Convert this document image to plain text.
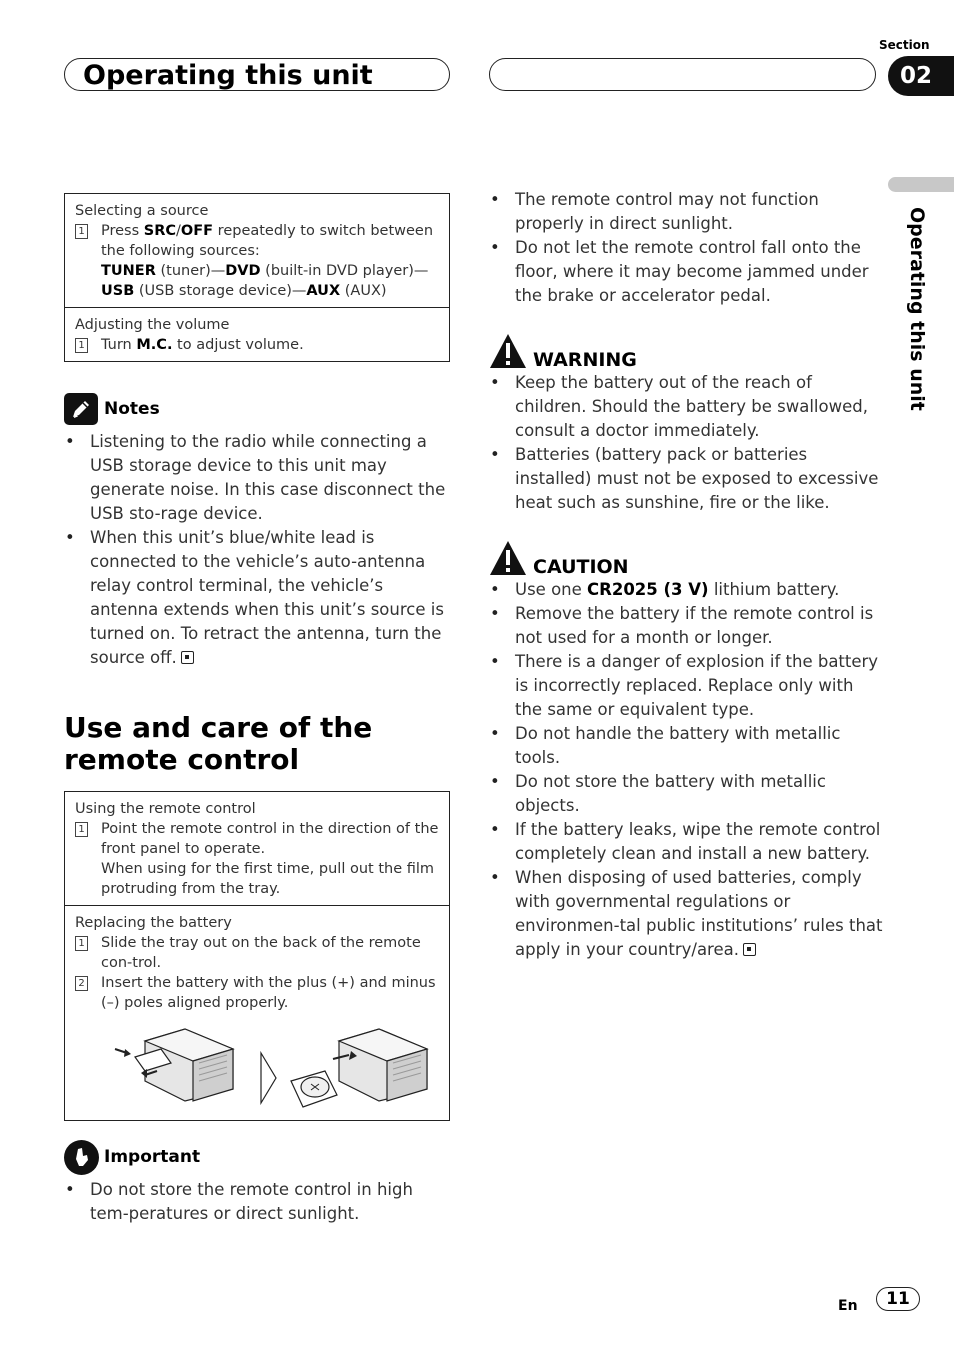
Operating this unit
Section
02
Operating this unit
Selecting a source
1 Press SRC/OFF repeatedly to switch between the following sources:

TUNER (tuner)—DVD (built-in DVD player)—USB (USB storage device)—AUX (AUX)

Adjusting the volume
1 Turn M.C. to adjust volume.

Notes
• Listening to the radio while connecting a USB storage device to this unit may generate noise. In this case disconnect the USB sto-rage device.
• When this unit’s blue/white lead is connected to the vehicle’s auto-antenna relay control terminal, the vehicle’s antenna extends when this unit’s source is turned on. To retract the antenna, turn the source off.
Use and care of the remote control
Using the remote control
1 Point the remote control in the direction of the front panel to operate.

When using for the first time, pull out the film protruding from the tray.

Replacing the battery
1 Slide the tray out on the back of the remote con-trol.
2 Insert the battery with the plus (+) and minus (–) poles aligned properly.
Important
• Do not store the remote control in high tem-peratures or direct sunlight.
• The remote control may not function properly in direct sunlight.
• Do not let the remote control fall onto the floor, where it may become jammed under the brake or accelerator pedal.
WARNING
• Keep the battery out of the reach of children. Should the battery be swallowed, consult a doctor immediately.
• Batteries (battery pack or batteries installed) must not be exposed to excessive heat such as sunshine, fire or the like.
CAUTION
• Use one CR2025 (3 V) lithium battery.
• Remove the battery if the remote control is not used for a month or longer.
• There is a danger of explosion if the battery is incorrectly replaced. Replace only with the same or equivalent type.
• Do not handle the battery with metallic tools.
• Do not store the battery with metallic objects.
• If the battery leaks, wipe the remote control completely clean and install a new battery.
• When disposing of used batteries, comply with governmental regulations or environmen-tal public institutions’ rules that apply in your country/area.
En	11
